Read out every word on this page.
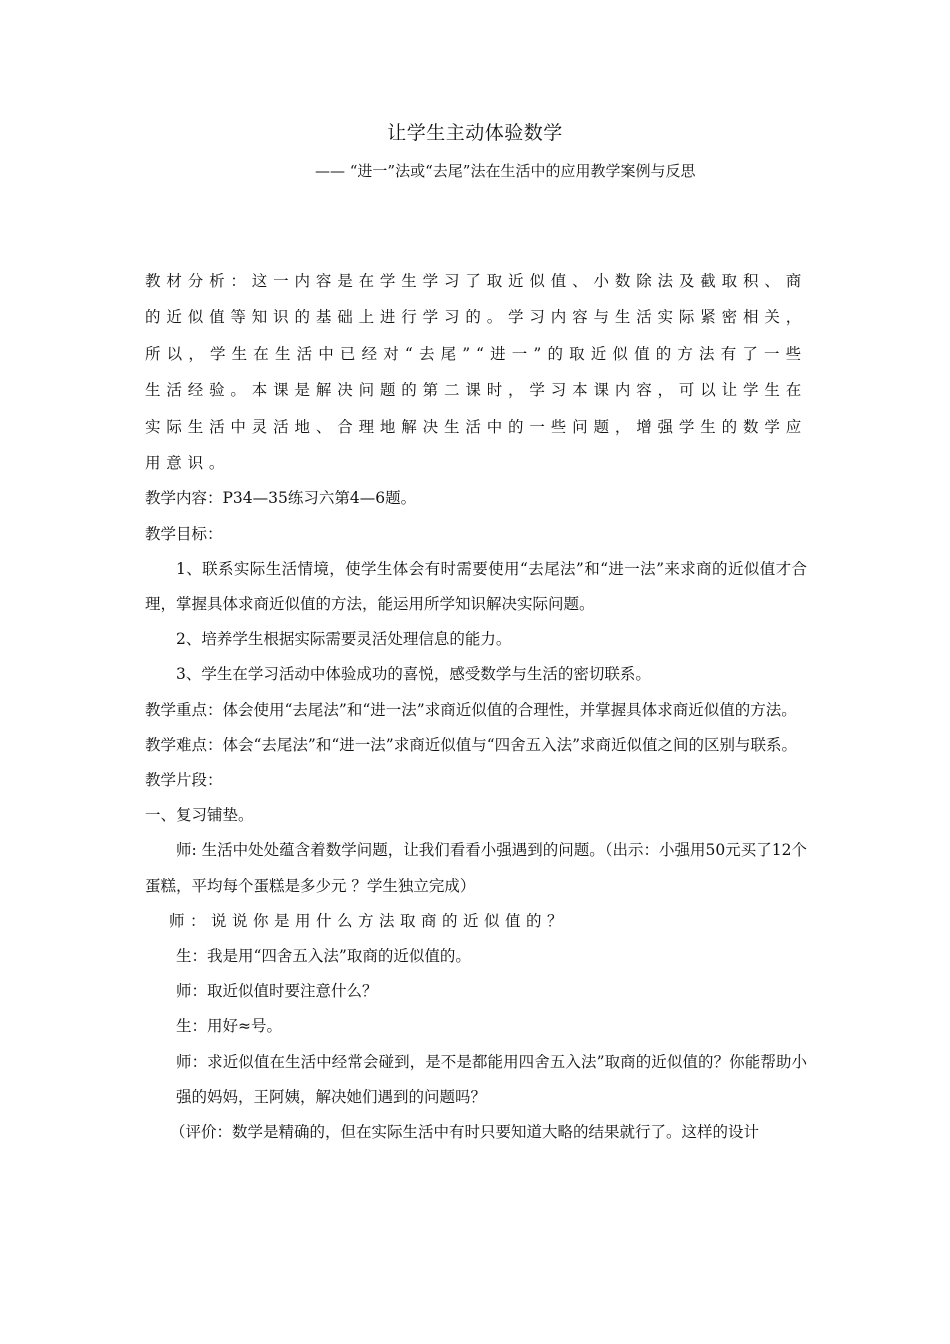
让学生主动体验数学
—— “进一”法或“去尾”法在生活中的应用教学案例与反思

教材分析：这一内容是在学生学习了取近似值、小数除法及截取积、商的近似值等知识的基础上进行学习的。学习内容与生活实际紧密相关，所以，学生在生活中已经对“去尾”“进一”的取近似值的方法有了一些生活经验。本课是解决问题的第二课时，学习本课内容，可以让学生在实际生活中灵活地、合理地解决生活中的一些问题，增强学生的数学应用意识。

教学内容：P34—35练习六第4—6题。

教学目标：

1、联系实际生活情境，使学生体会有时需要使用“去尾法”和“进一法”来求商的近似值才合理，掌握具体求商近似值的方法，能运用所学知识解决实际问题。

2、培养学生根据实际需要灵活处理信息的能力。

3、学生在学习活动中体验成功的喜悦，感受数学与生活的密切联系。

教学重点：体会使用“去尾法”和“进一法”求商近似值的合理性，并掌握具体求商近似值的方法。

教学难点：体会“去尾法”和“进一法”求商近似值与“四舍五入法”求商近似值之间的区别与联系。

教学片段：

一、复习铺垫。

师: 生活中处处蕴含着数学问题，让我们看看小强遇到的问题。（出示：小强用50元买了12个蛋糕，平均每个蛋糕是多少元 ？学生独立完成）

师：说说你是用什么方法取商的近似值的？

生：我是用“四舍五入法”取商的近似值的。

师：取近似值时要注意什么？

生：用好≈号。

师：求近似值在生活中经常会碰到，是不是都能用四舍五入法”取商的近似值的？你能帮助小强的妈妈，王阿姨，解决她们遇到的问题吗？

（评价：数学是精确的，但在实际生活中有时只要知道大略的结果就行了。这样的设计
